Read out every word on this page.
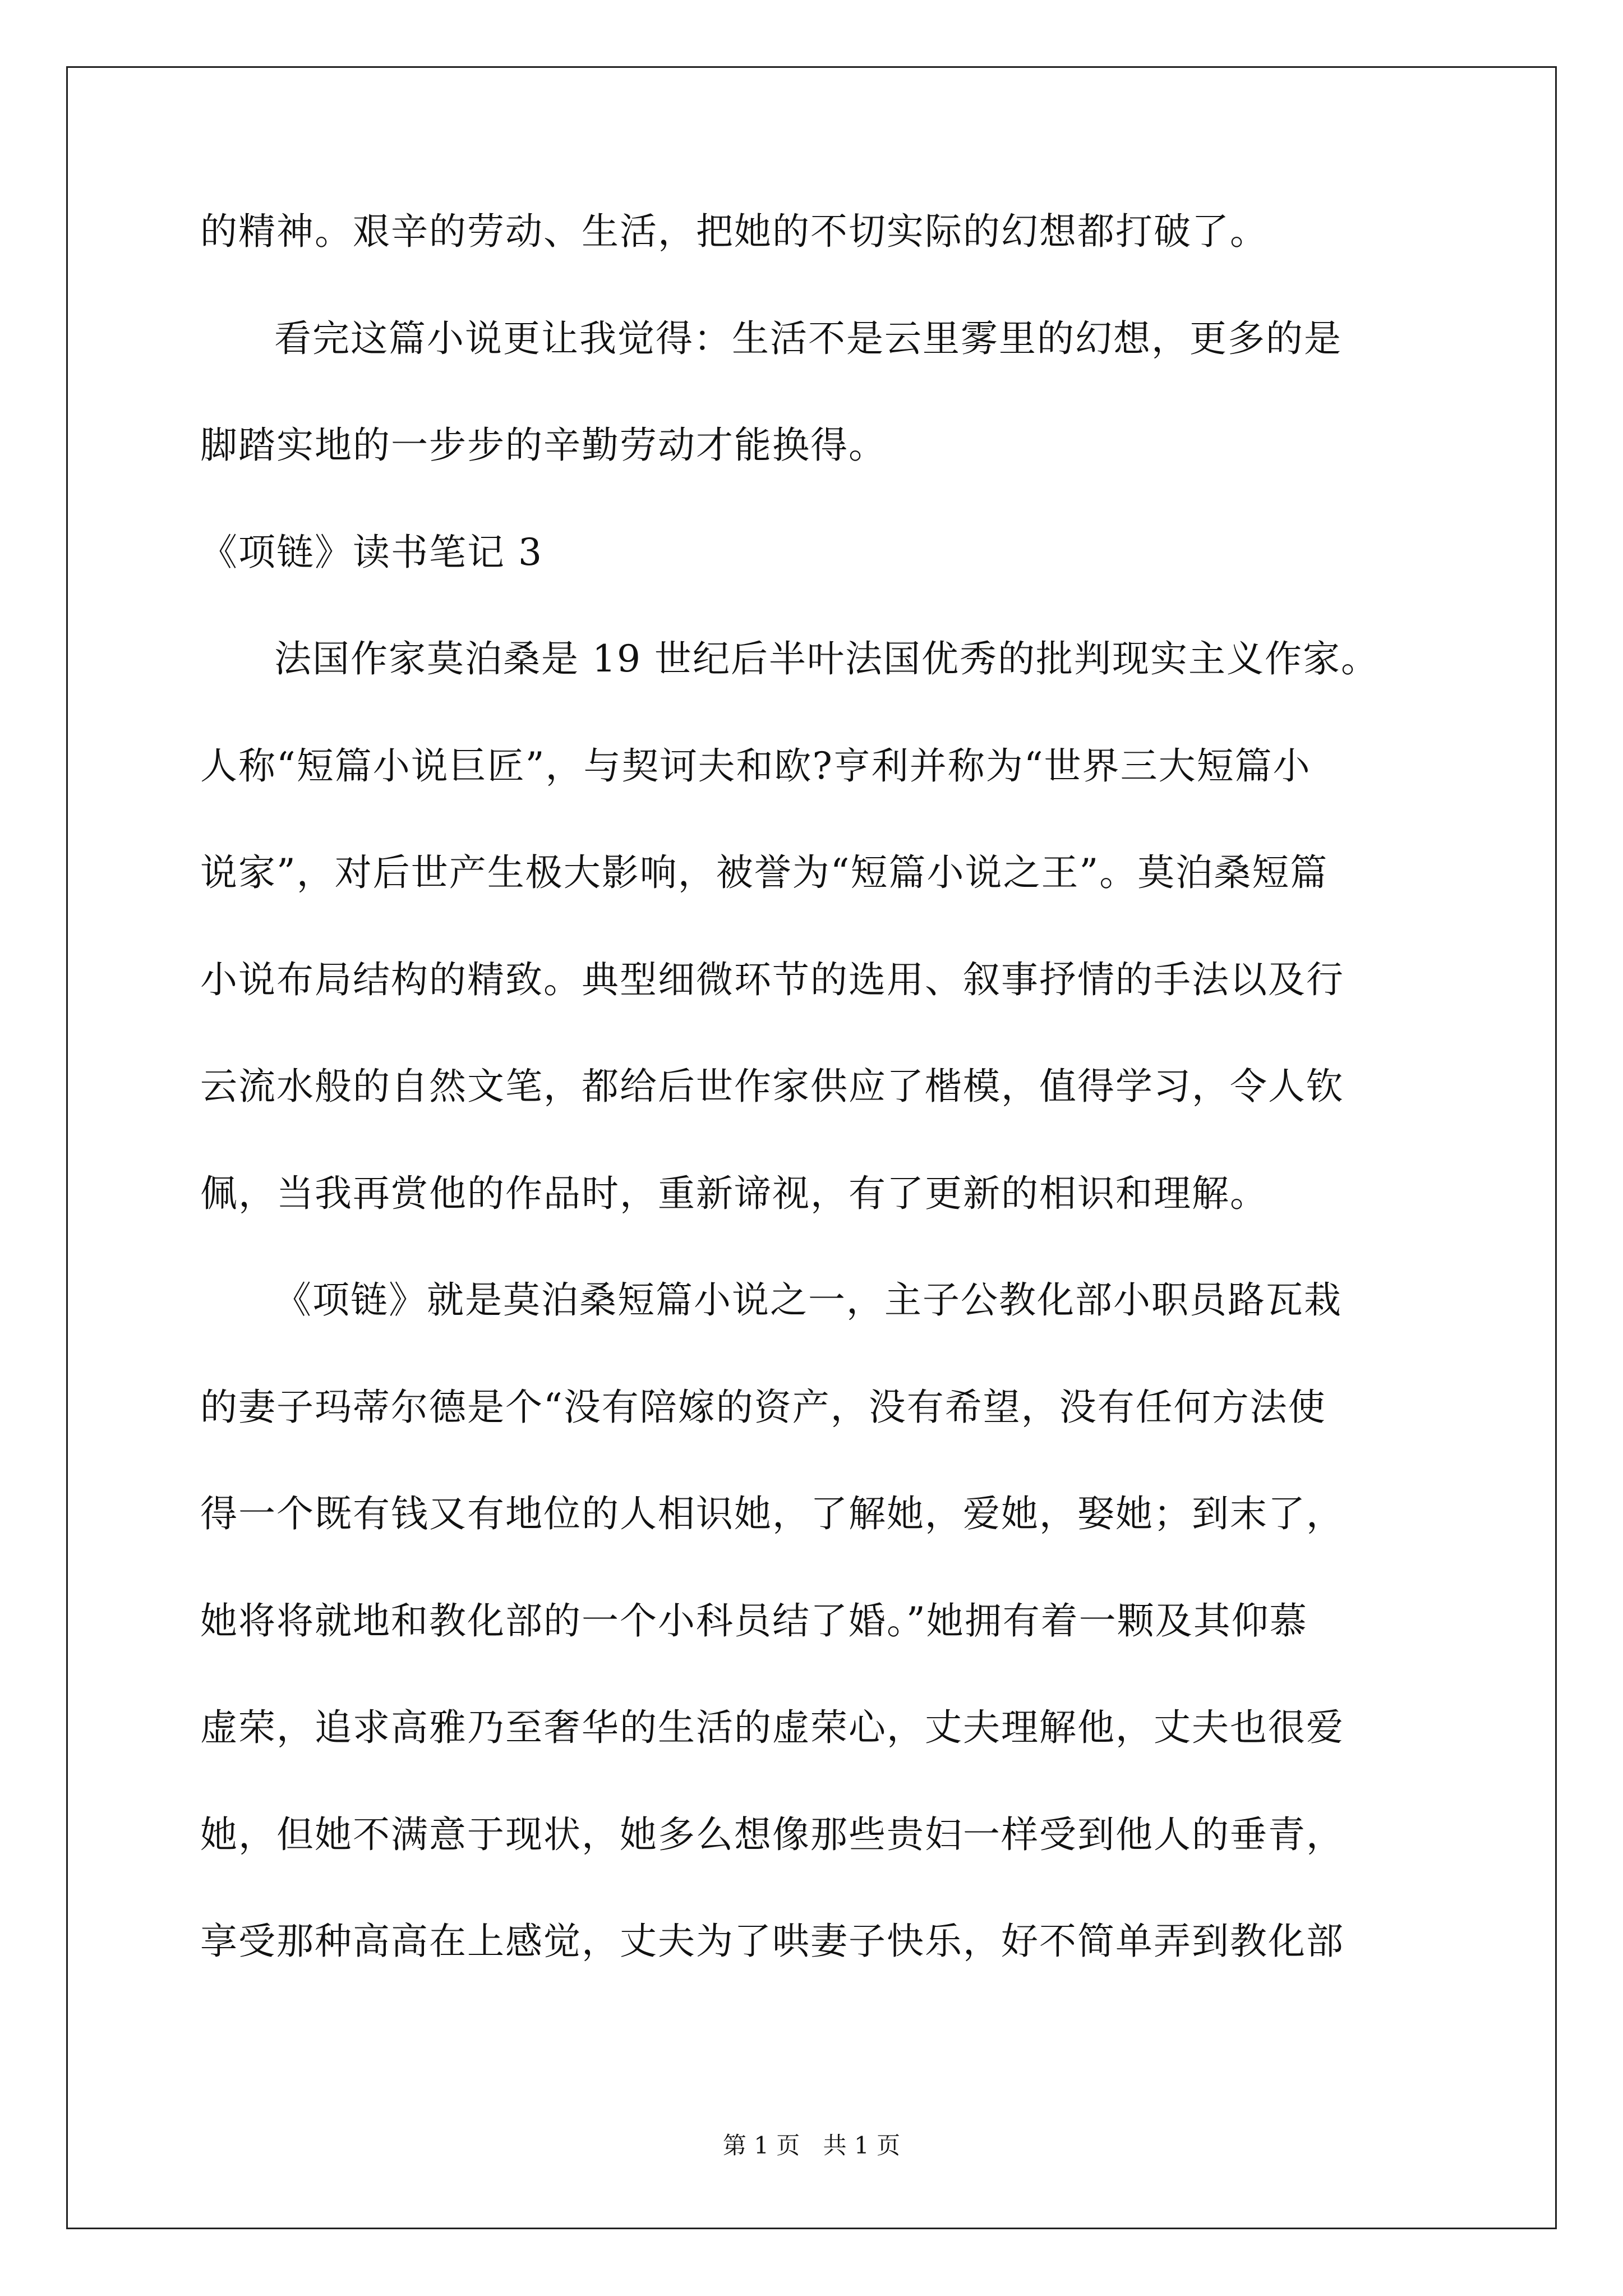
的精神。艰辛的劳动、生活，把她的不切实际的幻想都打破了。
看完这篇小说更让我觉得：生活不是云里雾里的幻想，更多的是
脚踏实地的一步步的辛勤劳动才能换得。
《项链》读书笔记 3
法国作家莫泊桑是 19 世纪后半叶法国优秀的批判现实主义作家。
人称“短篇小说巨匠”，与契诃夫和欧?亨利并称为“世界三大短篇小
说家”，对后世产生极大影响，被誉为“短篇小说之王”。莫泊桑短篇
小说布局结构的精致。典型细微环节的选用、叙事抒情的手法以及行
云流水般的自然文笔，都给后世作家供应了楷模，值得学习，令人钦
佩，当我再赏他的作品时，重新谛视，有了更新的相识和理解。
《项链》就是莫泊桑短篇小说之一，主子公教化部小职员路瓦栽
的妻子玛蒂尔德是个“没有陪嫁的资产，没有希望，没有任何方法使
得一个既有钱又有地位的人相识她，了解她，爱她，娶她；到末了，
她将将就地和教化部的一个小科员结了婚。”她拥有着一颗及其仰慕
虚荣，追求高雅乃至奢华的生活的虚荣心，丈夫理解他，丈夫也很爱
她，但她不满意于现状，她多么想像那些贵妇一样受到他人的垂青，
享受那种高高在上感觉，丈夫为了哄妻子快乐，好不简单弄到教化部
第 1 页 共 1 页
